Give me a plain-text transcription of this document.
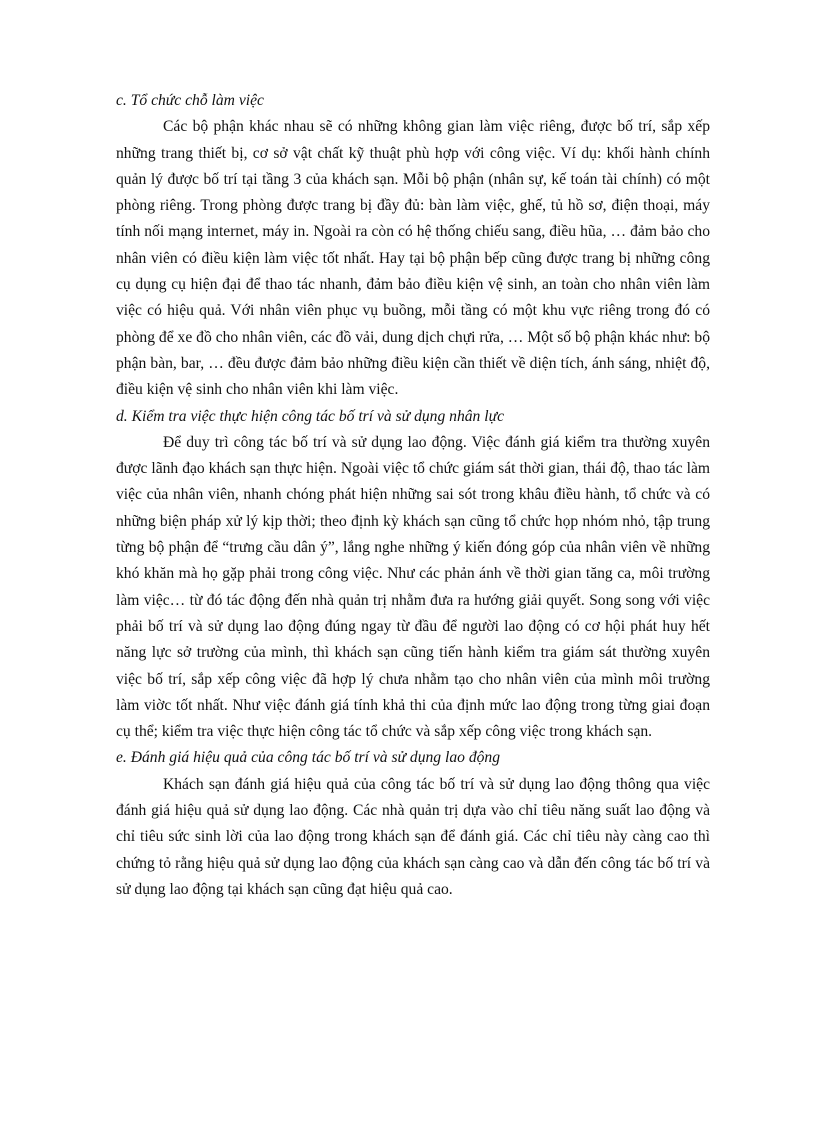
c. Tổ chức chỗ làm việc

Các bộ phận khác nhau sẽ có những không gian làm việc riêng, được bố trí, sắp xếp những trang thiết bị, cơ sở vật chất kỹ thuật phù hợp với công việc. Ví dụ: khối hành chính quản lý được bố trí tại tầng 3 của khách sạn. Mỗi bộ phận (nhân sự, kế toán tài chính) có một phòng riêng. Trong phòng được trang bị đầy đủ: bàn làm việc, ghế, tủ hồ sơ, điện thoại, máy tính nối mạng internet, máy in. Ngoài ra còn có hệ thống chiếu sang, điều hũa, … đảm bảo cho nhân viên có điều kiện làm việc tốt nhất. Hay tại bộ phận bếp cũng được trang bị những công cụ dụng cụ hiện đại để thao tác nhanh, đảm bảo điều kiện vệ sinh, an toàn cho nhân viên làm việc có hiệu quả. Với nhân viên phục vụ buồng, mỗi tầng có một khu vực riêng trong đó có phòng để xe đồ cho nhân viên, các đồ vải, dung dịch chựi rửa, … Một số bộ phận khác như: bộ phận bàn, bar, … đều được đảm bảo những điều kiện cần thiết về diện tích, ánh sáng, nhiệt độ, điều kiện vệ sinh cho nhân viên khi làm việc.

d. Kiểm tra việc thực hiện công tác bố trí và sử dụng nhân lực

Để duy trì công tác bố trí và sử dụng lao động. Việc đánh giá kiểm tra thường xuyên được lãnh đạo khách sạn thực hiện. Ngoài việc tổ chức giám sát thời gian, thái độ, thao tác làm việc của nhân viên, nhanh chóng phát hiện những sai sót trong khâu điều hành, tổ chức và có những biện pháp xử lý kịp thời; theo định kỳ khách sạn cũng tổ chức họp nhóm nhỏ, tập trung từng bộ phận để “trưng cầu dân ý”, lắng nghe những ý kiến đóng góp của nhân viên về những khó khăn mà họ gặp phải trong công việc. Như các phản ánh về thời gian tăng ca, môi trường làm việc… từ đó tác động đến nhà quản trị nhằm đưa ra hướng giải quyết. Song song với việc phải bố trí và sử dụng lao động đúng ngay từ đầu để người lao động có cơ hội phát huy hết năng lực sở trường của mình, thì khách sạn cũng tiến hành kiểm tra giám sát thường xuyên việc bố trí, sắp xếp công việc đã hợp lý chưa nhằm tạo cho nhân viên của mình môi trường làm viờc tốt nhất. Như việc đánh giá tính khả thi của định mức lao động trong từng giai đoạn cụ thể; kiểm tra việc thực hiện công tác tổ chức và sắp xếp công việc trong khách sạn.

e. Đánh giá hiệu quả của công tác bố trí và sử dụng lao động

Khách sạn đánh giá hiệu quả của công tác bố trí và sử dụng lao động thông qua việc đánh giá hiệu quả sử dụng lao động. Các nhà quản trị dựa vào chỉ tiêu năng suất lao động và chỉ tiêu sức sinh lời của lao động trong khách sạn để đánh giá. Các chỉ tiêu này càng cao thì chứng tỏ rằng hiệu quả sử dụng lao động của khách sạn càng cao và dẫn đến công tác bố trí và sử dụng lao động tại khách sạn cũng đạt hiệu quả cao.
